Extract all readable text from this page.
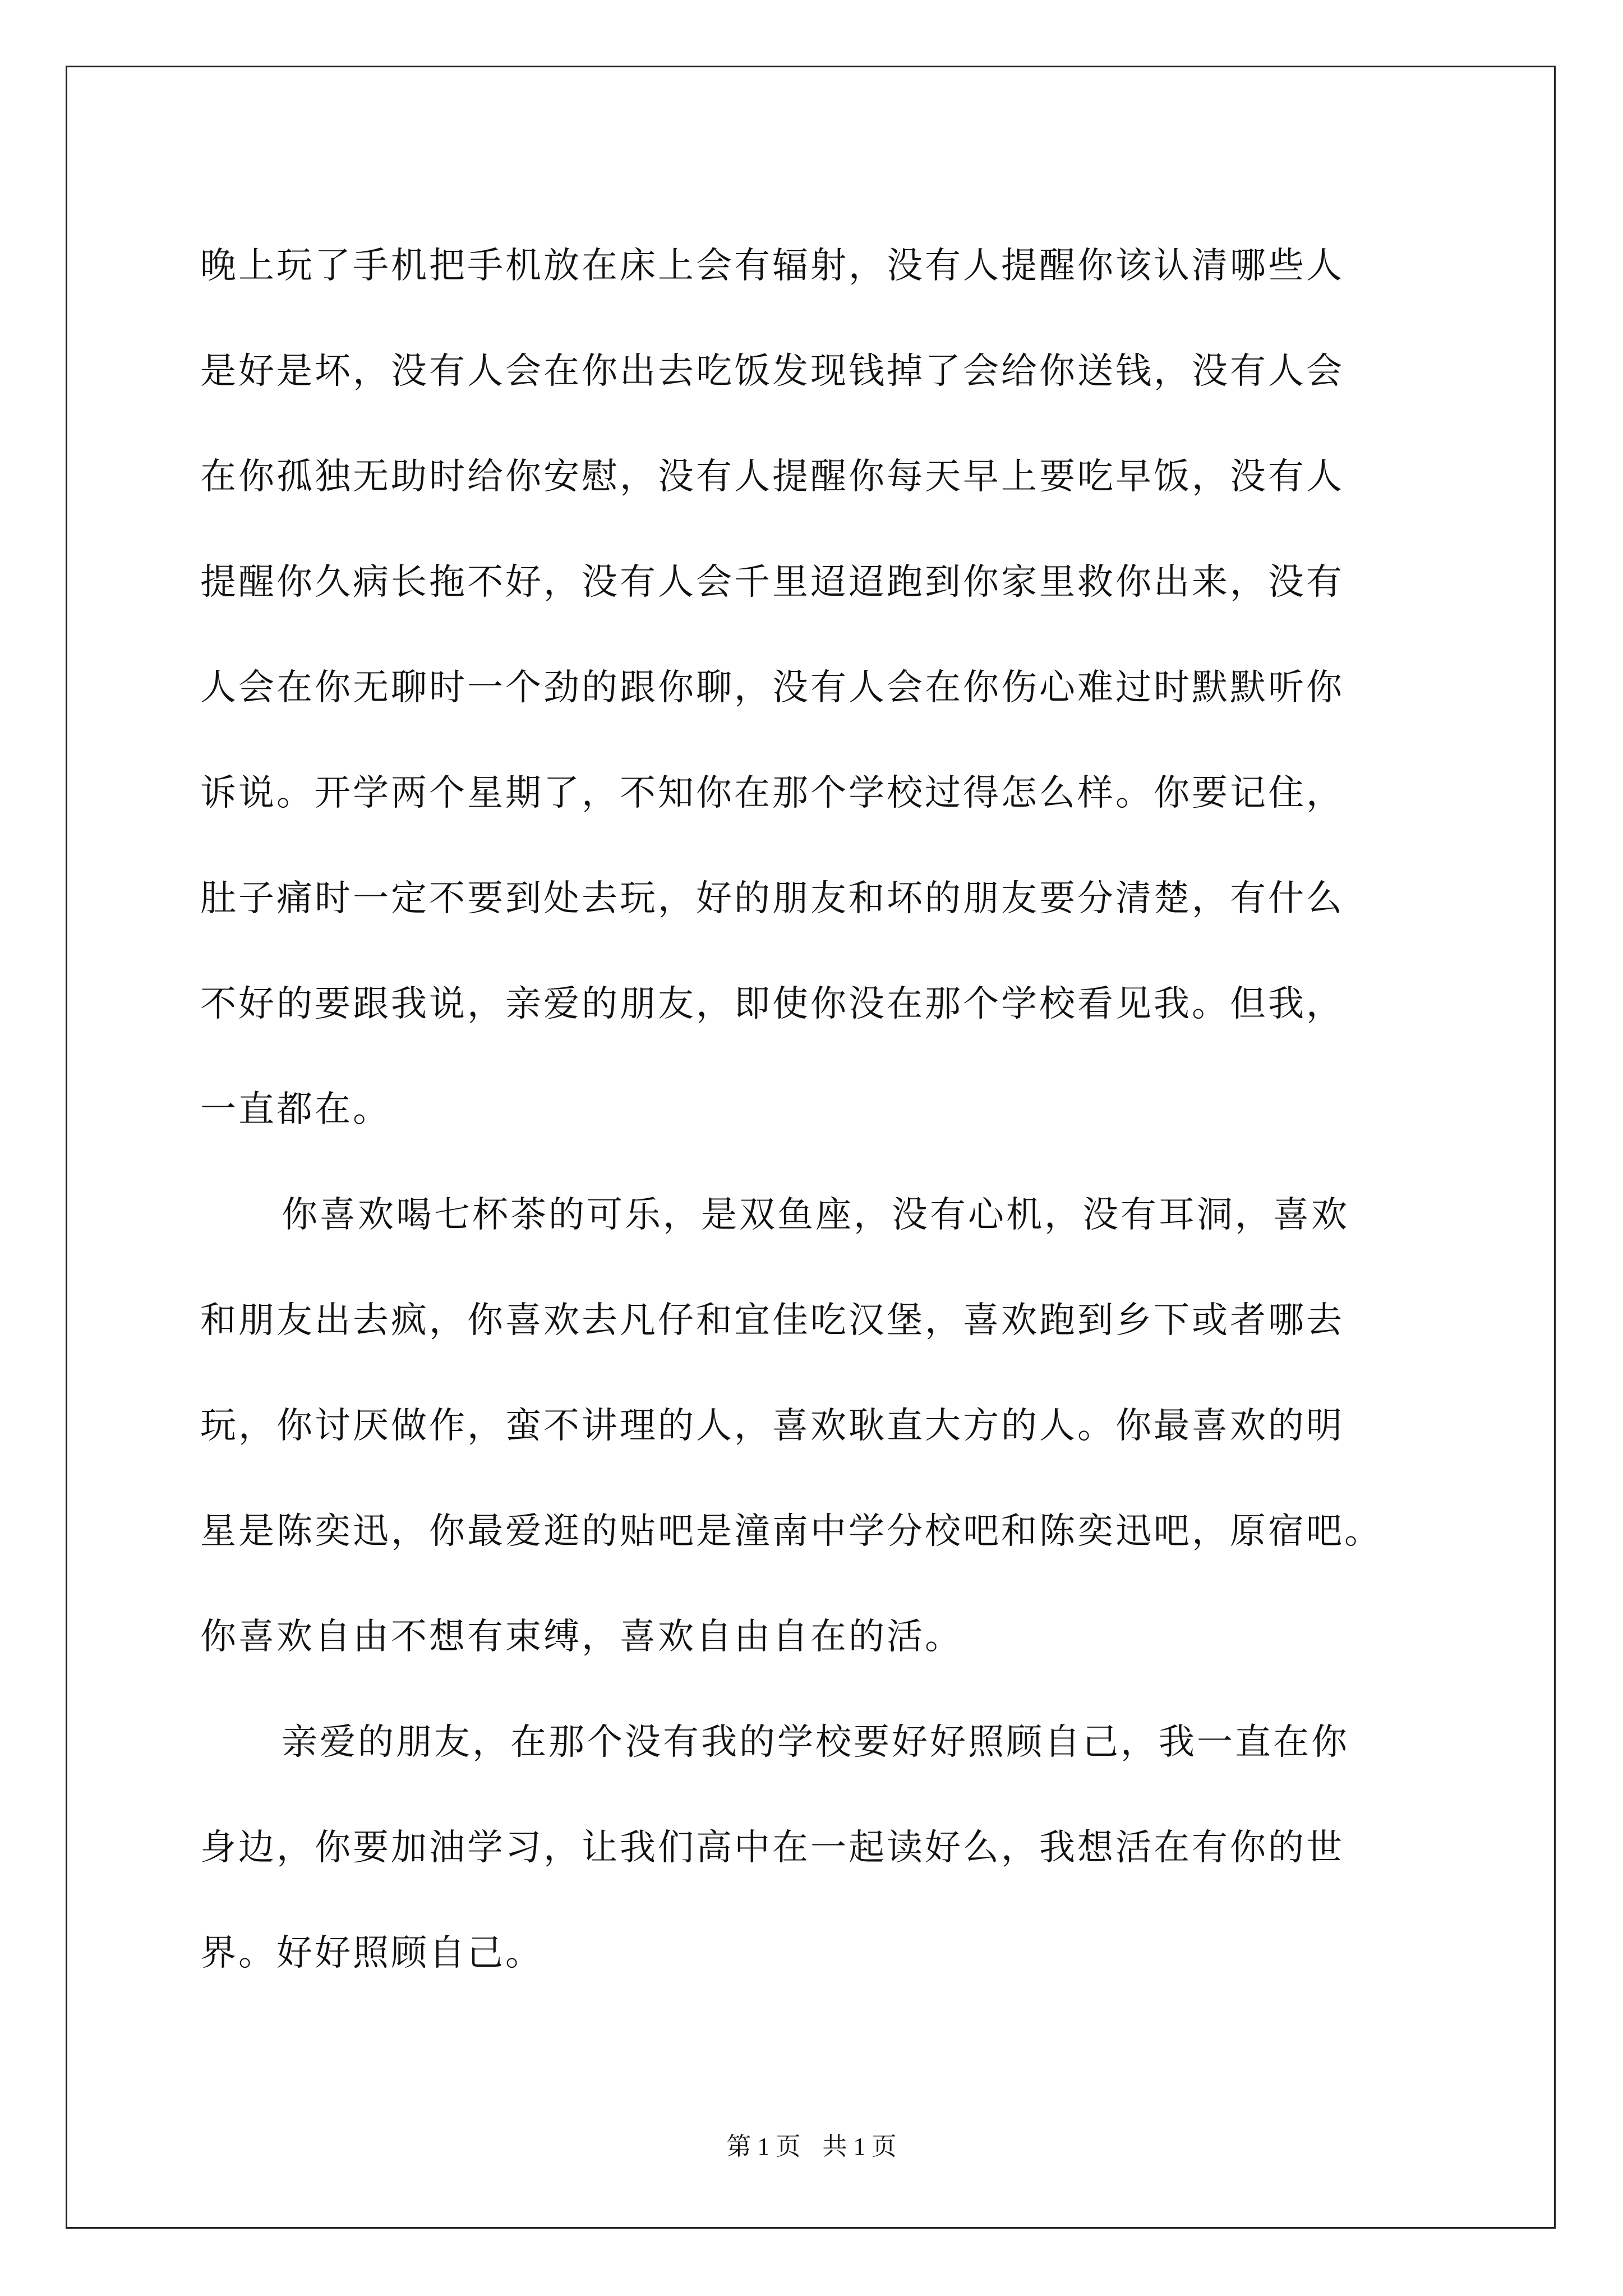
晚上玩了手机把手机放在床上会有辐射，没有人提醒你该认清哪些人
是好是坏，没有人会在你出去吃饭发现钱掉了会给你送钱，没有人会
在你孤独无助时给你安慰，没有人提醒你每天早上要吃早饭，没有人
提醒你久病长拖不好，没有人会千里迢迢跑到你家里救你出来，没有
人会在你无聊时一个劲的跟你聊，没有人会在你伤心难过时默默听你
诉说。开学两个星期了，不知你在那个学校过得怎么样。你要记住，
肚子痛时一定不要到处去玩，好的朋友和坏的朋友要分清楚，有什么
不好的要跟我说，亲爱的朋友，即使你没在那个学校看见我。但我，
一直都在。

你喜欢喝七杯茶的可乐，是双鱼座，没有心机，没有耳洞，喜欢
和朋友出去疯，你喜欢去凡仔和宜佳吃汉堡，喜欢跑到乡下或者哪去
玩，你讨厌做作，蛮不讲理的人，喜欢耿直大方的人。你最喜欢的明
星是陈奕迅，你最爱逛的贴吧是潼南中学分校吧和陈奕迅吧，原宿吧。
你喜欢自由不想有束缚，喜欢自由自在的活。

亲爱的朋友，在那个没有我的学校要好好照顾自己，我一直在你
身边，你要加油学习，让我们高中在一起读好么，我想活在有你的世
界。好好照顾自己。

第 1 页 共 1 页
